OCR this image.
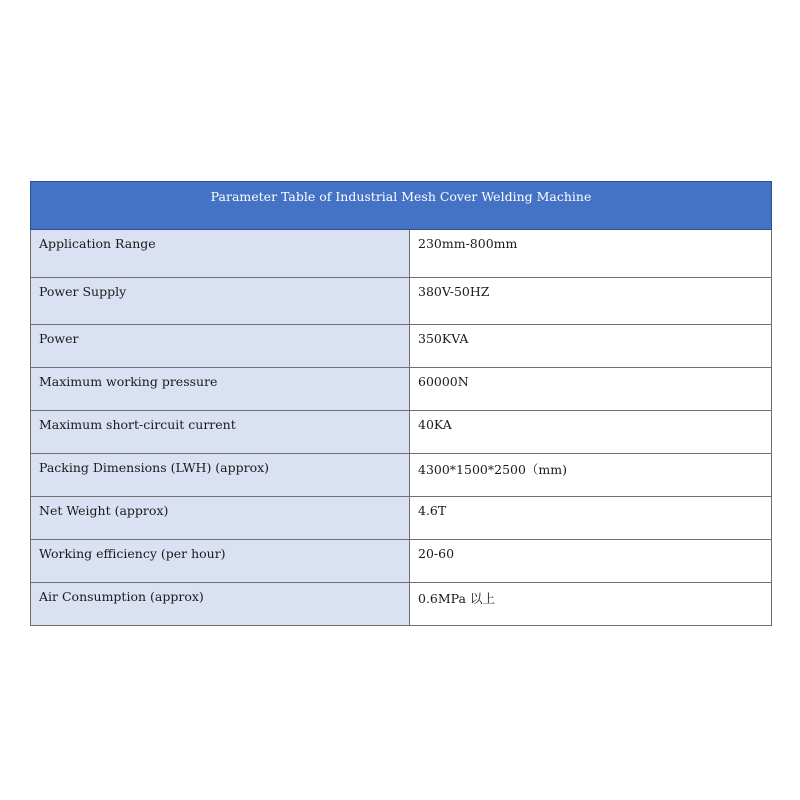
Parameter Table of Industrial Mesh Cover Welding Machine	
Application Range	230mm-800mm
Power Supply	380V-50HZ
Power	350KVA
Maximum working pressure	60000N
Maximum short-circuit current	40KA
Packing Dimensions (LWH) (approx)	4300*1500*2500（mm)
Net Weight (approx)	4.6T
Working efficiency (per hour)	20-60
Air Consumption (approx)	0.6MPa 以上
